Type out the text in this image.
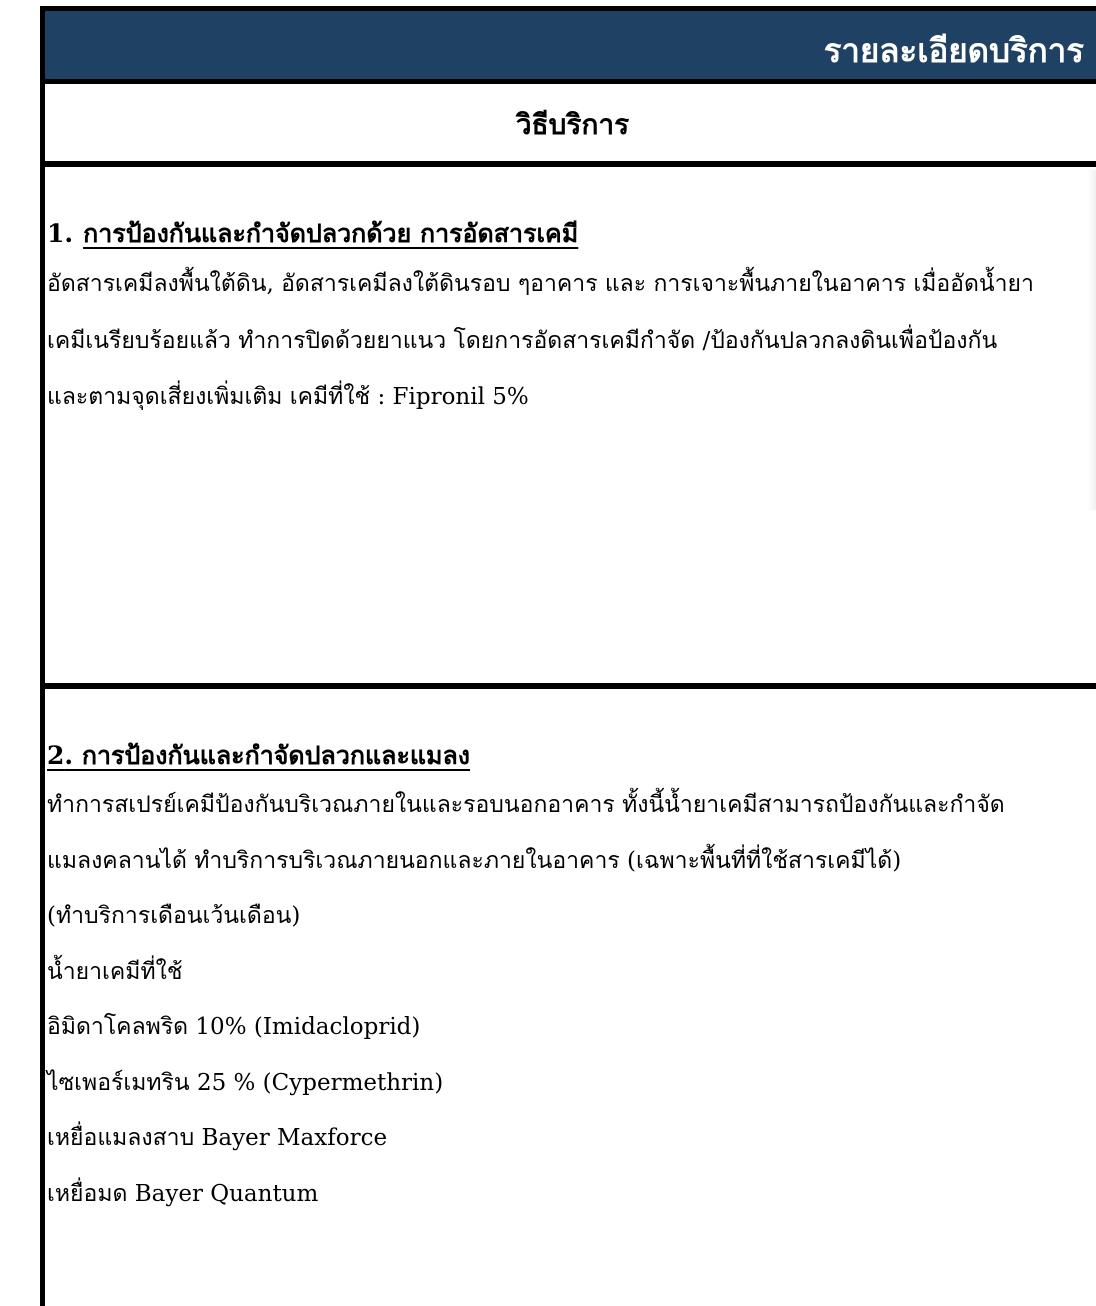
รายละเอียดบริการ
วิธีบริการ
1. การป้องกันและกำจัดปลวกด้วย การอัดสารเคมี
อัดสารเคมีลงพื้นใต้ดิน, อัดสารเคมีลงใต้ดินรอบ ๆอาคาร และ การเจาะพื้นภายในอาคาร เมื่ออัดน้ำยา
เคมีเนรียบร้อยแล้ว ทำการปิดด้วยยาแนว โดยการอัดสารเคมีกำจัด /ป้องกันปลวกลงดินเพื่อป้องกัน
และตามจุดเสี่ยงเพิ่มเติม เคมีที่ใช้ : Fipronil 5%
2. การป้องกันและกำจัดปลวกและแมลง
ทำการสเปรย์เคมีป้องกันบริเวณภายในและรอบนอกอาคาร ทั้งนี้น้ำยาเคมีสามารถป้องกันและกำจัด
แมลงคลานได้ ทำบริการบริเวณภายนอกและภายในอาคาร (เฉพาะพื้นที่ที่ใช้สารเคมีได้)
(ทำบริการเดือนเว้นเดือน)
น้ำยาเคมีที่ใช้
อิมิดาโคลพริด 10% (Imidacloprid)
ไซเพอร์เมทริน 25 % (Cypermethrin)
เหยื่อแมลงสาบ Bayer Maxforce
เหยื่อมด Bayer Quantum
